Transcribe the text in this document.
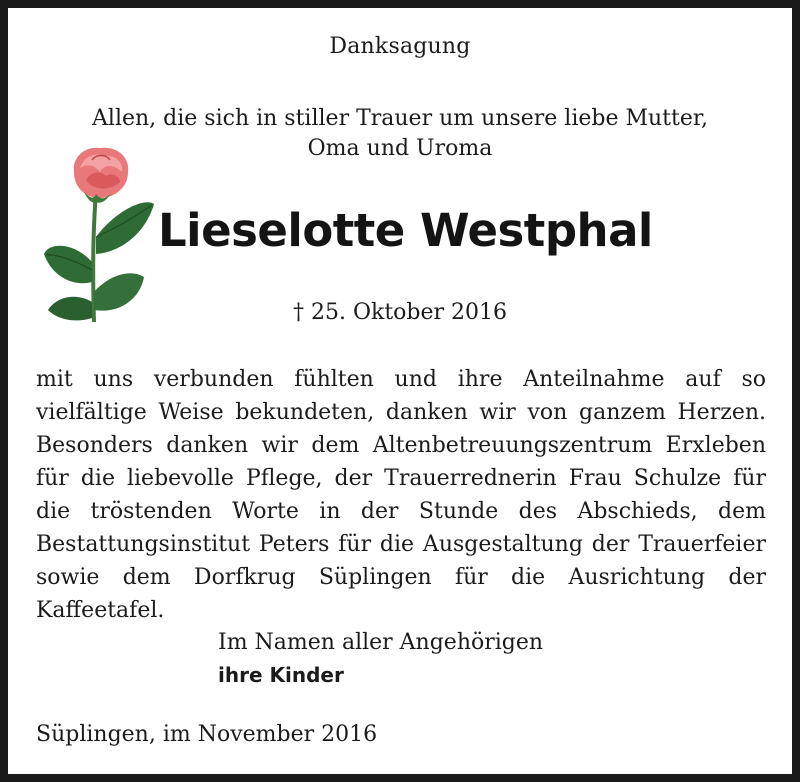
Danksagung
Allen, die sich in stiller Trauer um unsere liebe Mutter,
Oma und Uroma
Lieselotte Westphal
† 25. Oktober 2016
mit uns verbunden fühlten und ihre Anteilnahme auf so vielfältige Weise bekundeten, danken wir von ganzem Herzen. Besonders danken wir dem Altenbetreuungszentrum Erxleben für die liebevolle Pflege, der Trauerrednerin Frau Schulze für die tröstenden Worte in der Stunde des Abschieds, dem Bestattungsinstitut Peters für die Ausgestaltung der Trauerfeier sowie dem Dorfkrug Süplingen für die Ausrichtung der Kaffeetafel.
Im Namen aller Angehörigen
ihre Kinder
Süplingen, im November 2016
